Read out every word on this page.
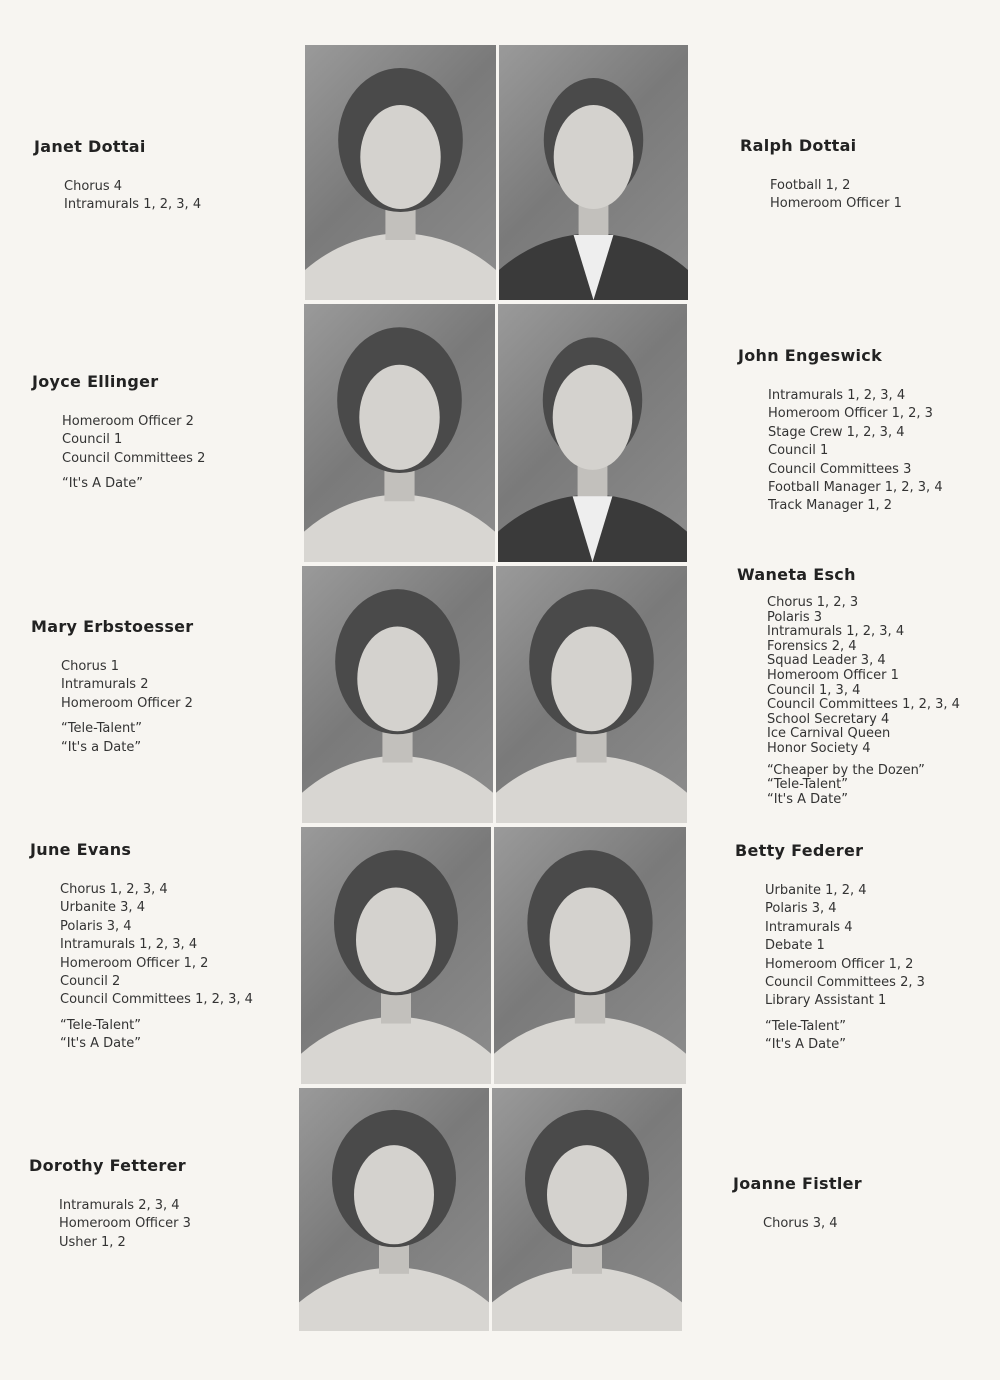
Janet Dottai
Chorus 4
Intramurals 1, 2, 3, 4
Joyce Ellinger
Homeroom Officer 2
Council 1
Council Committees 2
“It's A Date”
Mary Erbstoesser
Chorus 1
Intramurals 2
Homeroom Officer 2
“Tele-Talent”
“It's a Date”
June Evans
Chorus 1, 2, 3, 4
Urbanite 3, 4
Polaris 3, 4
Intramurals 1, 2, 3, 4
Homeroom Officer 1, 2
Council 2
Council Committees 1, 2, 3, 4
“Tele-Talent”
“It's A Date”
Dorothy Fetterer
Intramurals 2, 3, 4
Homeroom Officer 3
Usher 1, 2
Ralph Dottai
Football 1, 2
Homeroom Officer 1
John Engeswick
Intramurals 1, 2, 3, 4
Homeroom Officer 1, 2, 3
Stage Crew 1, 2, 3, 4
Council 1
Council Committees 3
Football Manager 1, 2, 3, 4
Track Manager 1, 2
Waneta Esch
Chorus 1, 2, 3
Polaris 3
Intramurals 1, 2, 3, 4
Forensics 2, 4
Squad Leader 3, 4
Homeroom Officer 1
Council 1, 3, 4
Council Committees 1, 2, 3, 4
School Secretary 4
Ice Carnival Queen
Honor Society 4
“Cheaper by the Dozen”
“Tele-Talent”
“It's A Date”
Betty Federer
Urbanite 1, 2, 4
Polaris 3, 4
Intramurals 4
Debate 1
Homeroom Officer 1, 2
Council Committees 2, 3
Library Assistant 1
“Tele-Talent”
“It's A Date”
Joanne Fistler
Chorus 3, 4
